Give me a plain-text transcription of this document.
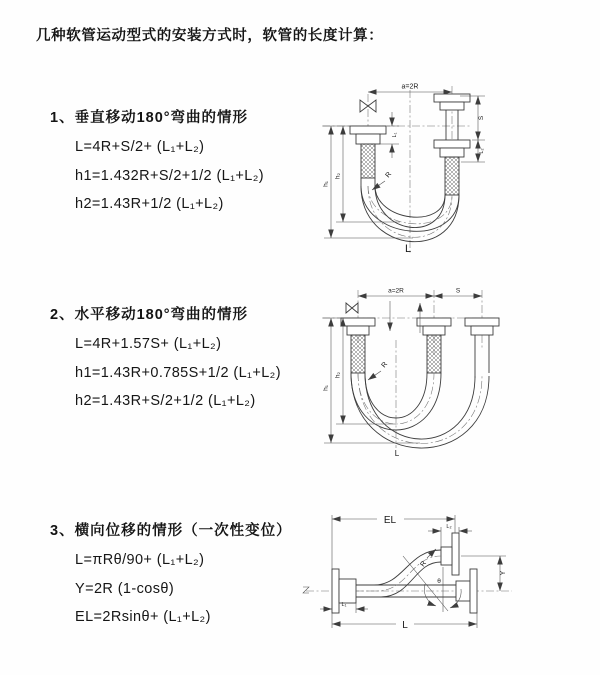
几种软管运动型式的安装方式时，软管的长度计算：
1、垂直移动180°弯曲的情形
L=4R+S/2+ (L₁+L₂)
h1=1.432R+S/2+1/2 (L₁+L₂)
h2=1.43R+1/2 (L₁+L₂)
2、水平移动180°弯曲的情形
L=4R+1.57S+ (L₁+L₂)
h1=1.43R+0.785S+1/2 (L₁+L₂)
h2=1.43R+S/2+1/2 (L₁+L₂)
3、横向位移的情形（一次性变位）
L=πRθ/90+ (L₁+L₂)
Y=2R (1-cosθ)
EL=2Rsinθ+ (L₁+L₂)
a=2R
h₁
h₂
L₁
S
L₂
R
L
a=2R	S
h₁
h₂
R
L
EL
L₂
Y
R
θ
L₁
L
